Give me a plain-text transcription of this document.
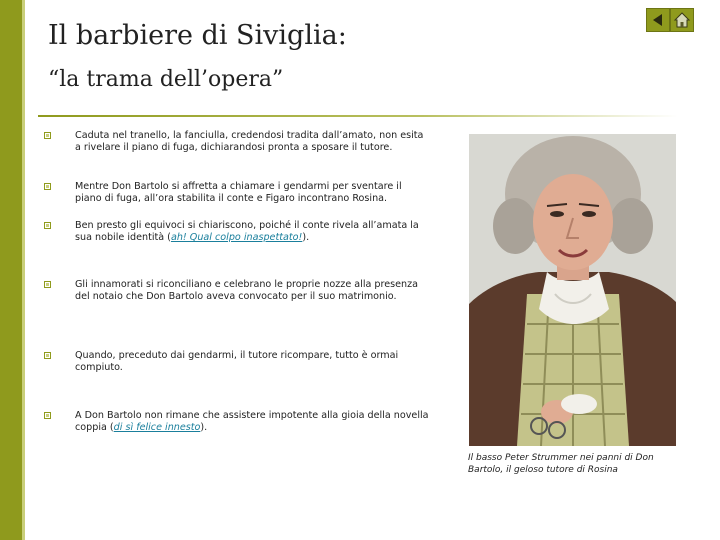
Il barbiere di Siviglia:
“la trama dell’opera”
Caduta nel tranello, la fanciulla, credendosi tradita dall’amato, non esita a rivelare il piano di fuga, dichiarandosi pronta a sposare il tutore.
Mentre Don Bartolo si affretta a chiamare i gendarmi per sventare il piano di fuga, all’ora stabilita il conte e Figaro incontrano Rosina.
Ben presto gli equivoci si chiariscono, poiché il conte rivela all’amata la sua nobile identità (ah! Qual colpo inaspettato!).
Gli innamorati si riconciliano e celebrano le proprie nozze alla presenza del notaio che Don Bartolo aveva convocato per il suo matrimonio.
Quando, preceduto dai gendarmi, il tutore ricompare, tutto è ormai compiuto.
A Don Bartolo non rimane che assistere impotente alla gioia della novella coppia (di sì felice innesto).
Il basso Peter Strummer nei panni di Don Bartolo, il geloso tutore di Rosina
